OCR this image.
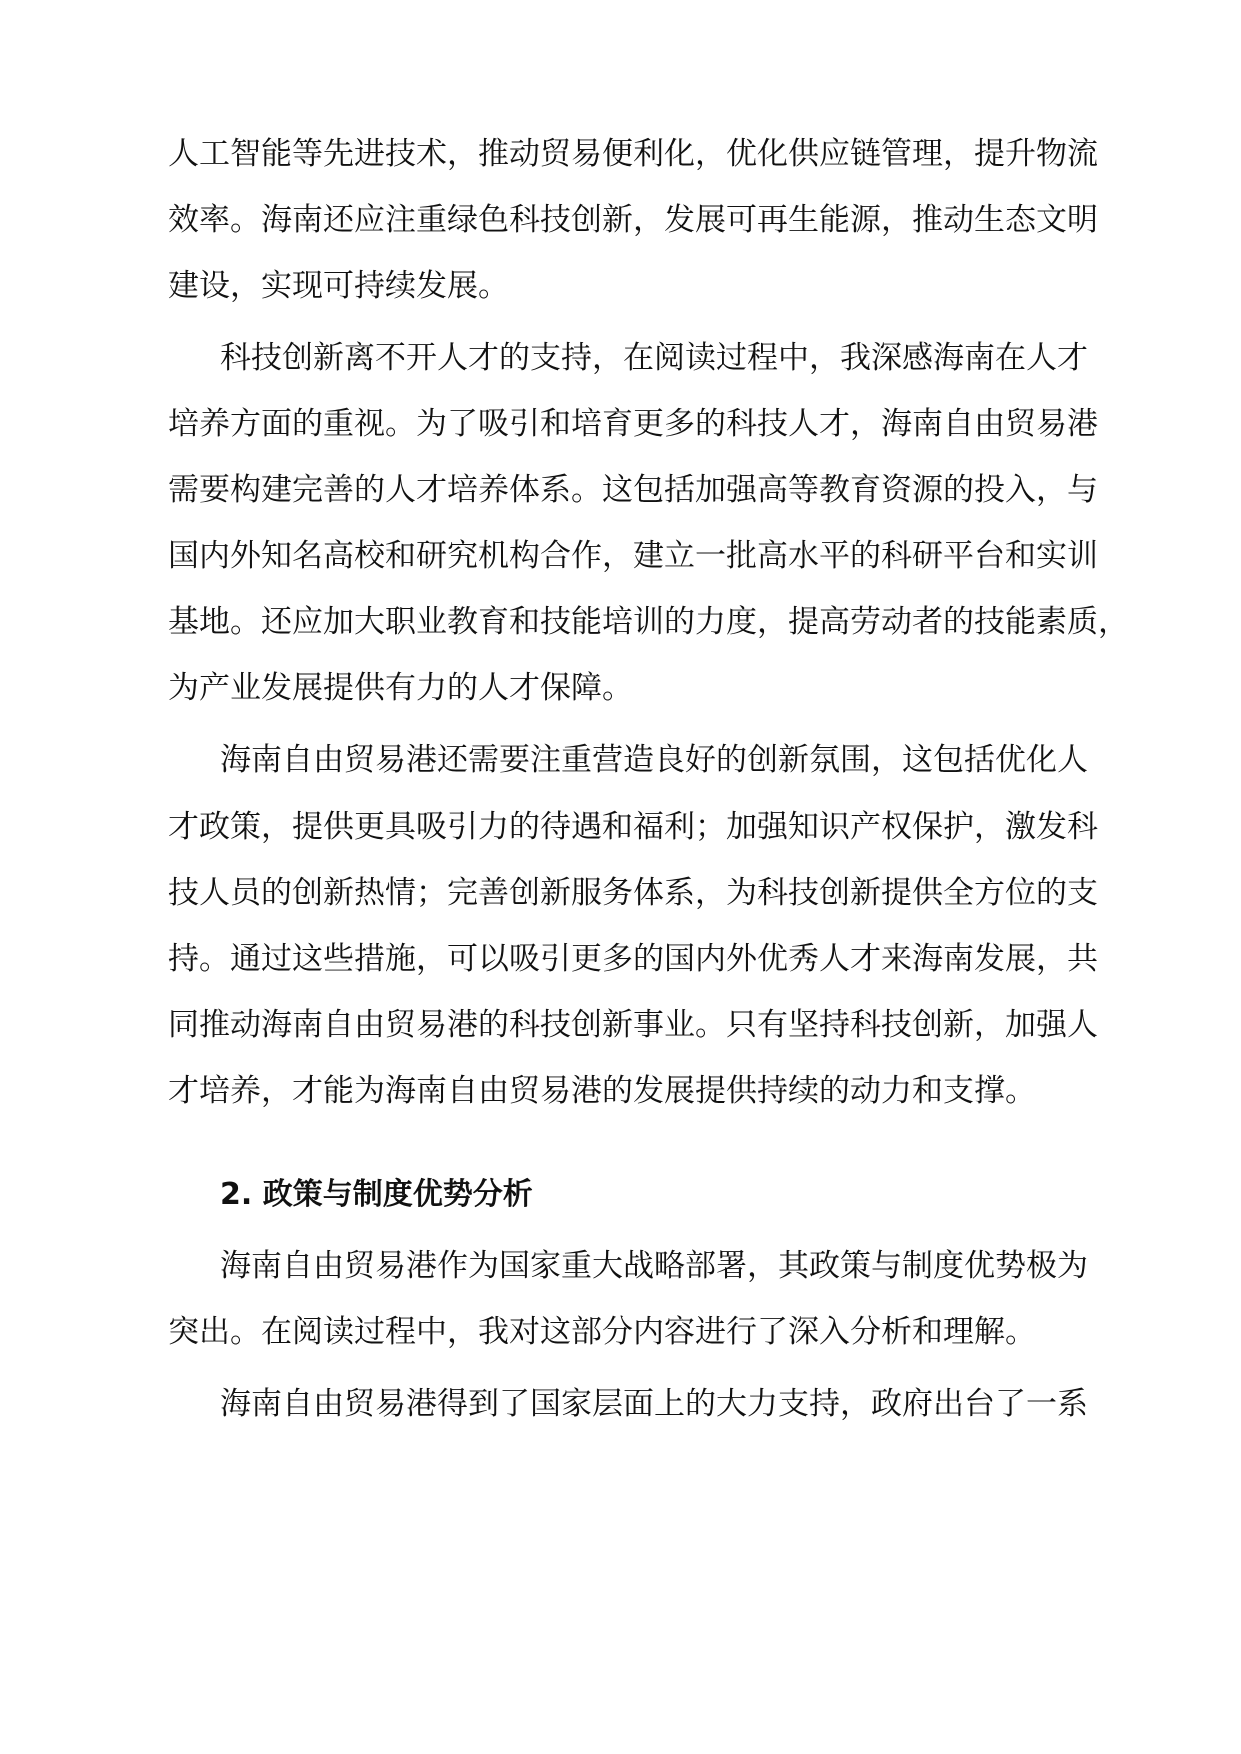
人工智能等先进技术，推动贸易便利化，优化供应链管理，提升物流
效率。海南还应注重绿色科技创新，发展可再生能源，推动生态文明
建设，实现可持续发展。
科技创新离不开人才的支持，在阅读过程中，我深感海南在人才
培养方面的重视。为了吸引和培育更多的科技人才，海南自由贸易港
需要构建完善的人才培养体系。这包括加强高等教育资源的投入，与
国内外知名高校和研究机构合作，建立一批高水平的科研平台和实训
基地。还应加大职业教育和技能培训的力度，提高劳动者的技能素质，
为产业发展提供有力的人才保障。
海南自由贸易港还需要注重营造良好的创新氛围，这包括优化人
才政策，提供更具吸引力的待遇和福利；加强知识产权保护，激发科
技人员的创新热情；完善创新服务体系，为科技创新提供全方位的支
持。通过这些措施，可以吸引更多的国内外优秀人才来海南发展，共
同推动海南自由贸易港的科技创新事业。只有坚持科技创新，加强人
才培养，才能为海南自由贸易港的发展提供持续的动力和支撑。
2. 政策与制度优势分析
海南自由贸易港作为国家重大战略部署，其政策与制度优势极为
突出。在阅读过程中，我对这部分内容进行了深入分析和理解。
海南自由贸易港得到了国家层面上的大力支持，政府出台了一系
